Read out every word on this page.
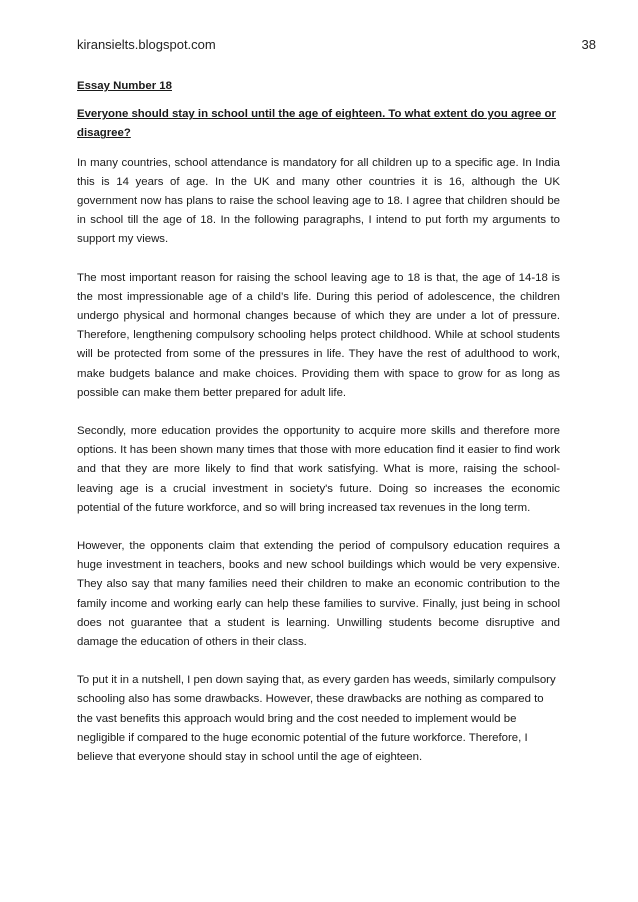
kiransielts.blogspot.com	38

Essay Number 18

Everyone should stay in school until the age of eighteen. To what extent do you agree or disagree?

In many countries, school attendance is mandatory for all children up to a specific age. In India this is 14 years of age. In the UK and many other countries it is 16, although the UK government now has plans to raise the school leaving age to 18. I agree that children should be in school till the age of 18. In the following paragraphs, I intend to put forth my arguments to support my views.

The most important reason for raising the school leaving age to 18 is that, the age of 14-18 is the most impressionable age of a child’s life. During this period of adolescence, the children undergo physical and hormonal changes because of which they are under a lot of pressure. Therefore, lengthening compulsory schooling helps protect childhood. While at school students will be protected from some of the pressures in life. They have the rest of adulthood to work, make budgets balance and make choices. Providing them with space to grow for as long as possible can make them better prepared for adult life.

Secondly, more education provides the opportunity to acquire more skills and therefore more options. It has been shown many times that those with more education find it easier to find work and that they are more likely to find that work satisfying. What is more, raising the school-leaving age is a crucial investment in society's future. Doing so increases the economic potential of the future workforce, and so will bring increased tax revenues in the long term.

However, the opponents claim that extending the period of compulsory education requires a huge investment in teachers, books and new school buildings which would be very expensive. They also say that many families need their children to make an economic contribution to the family income and working early can help these families to survive. Finally, just being in school does not guarantee that a student is learning. Unwilling students become disruptive and damage the education of others in their class.

To put it in a nutshell, I pen down saying that, as every garden has weeds, similarly compulsory schooling also has some drawbacks. However, these drawbacks are nothing as compared to the vast benefits this approach would bring and the cost needed to implement would be negligible if compared to the huge economic potential of the future workforce. Therefore, I believe that everyone should stay in school until the age of eighteen.
